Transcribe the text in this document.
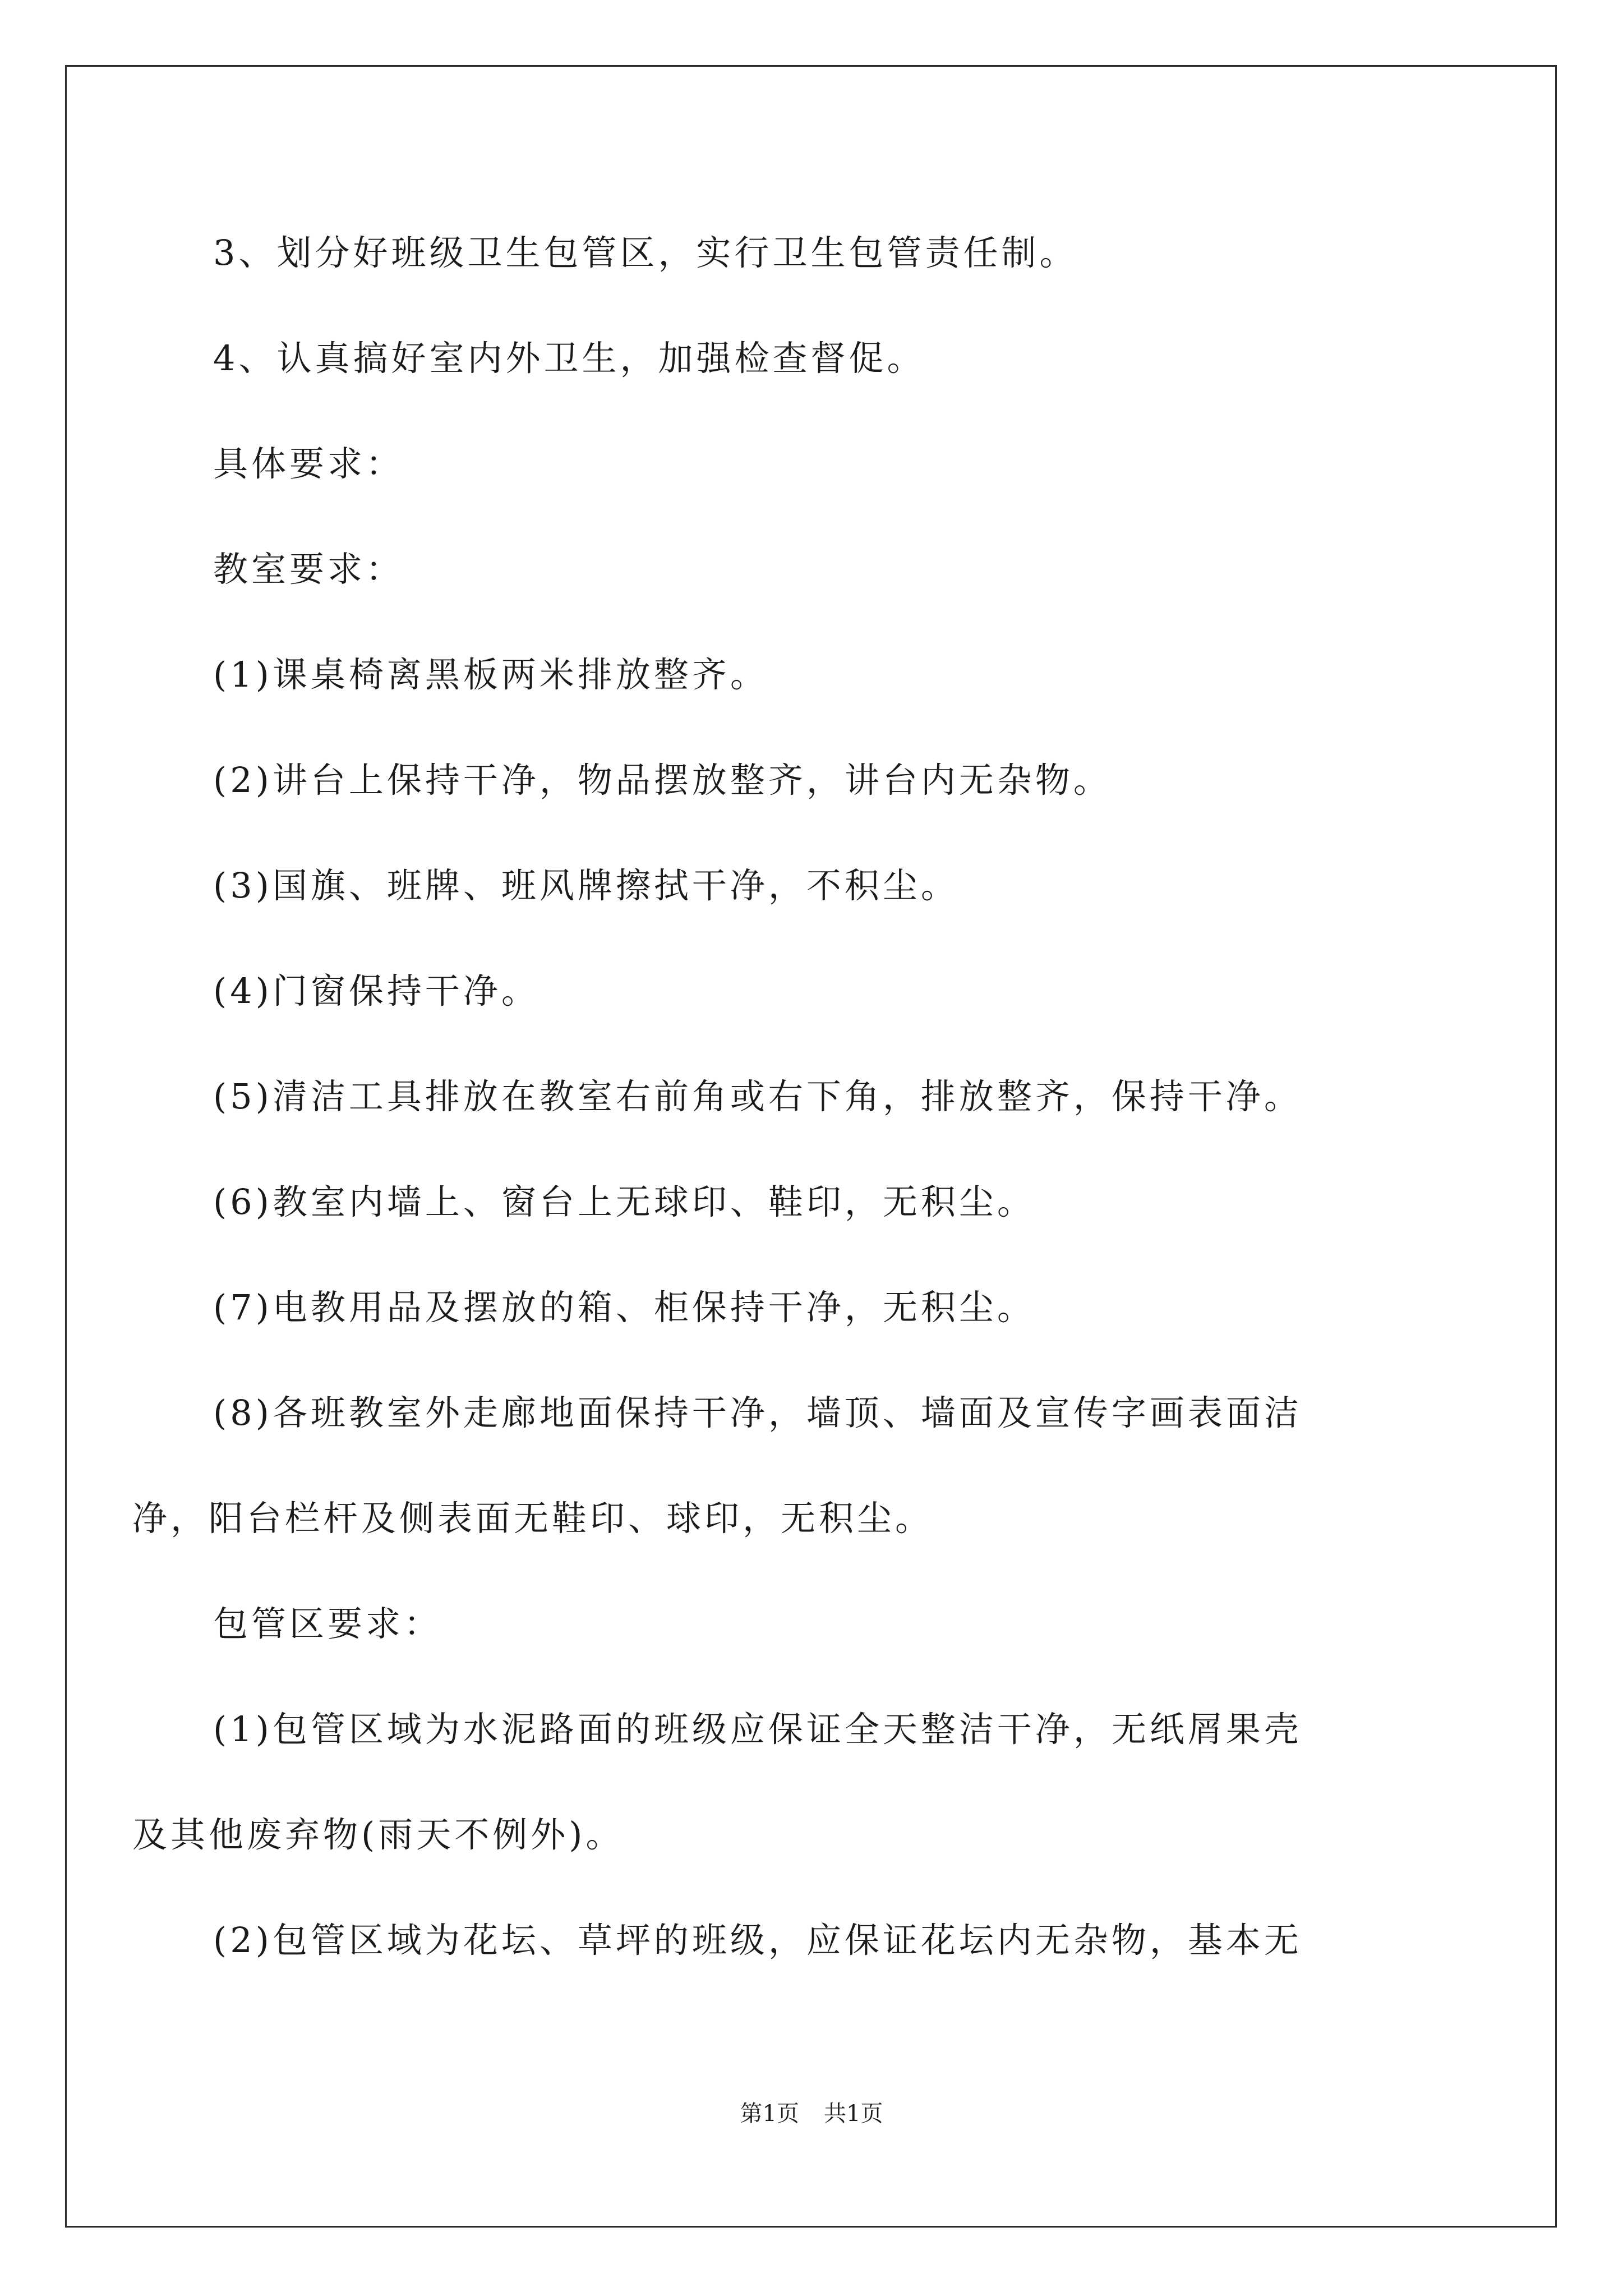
3、划分好班级卫生包管区，实行卫生包管责任制。
4、认真搞好室内外卫生，加强检查督促。
具体要求：
教室要求：
(1)课桌椅离黑板两米排放整齐。
(2)讲台上保持干净，物品摆放整齐，讲台内无杂物。
(3)国旗、班牌、班风牌擦拭干净，不积尘。
(4)门窗保持干净。
(5)清洁工具排放在教室右前角或右下角，排放整齐，保持干净。
(6)教室内墙上、窗台上无球印、鞋印，无积尘。
(7)电教用品及摆放的箱、柜保持干净，无积尘。
(8)各班教室外走廊地面保持干净，墙顶、墙面及宣传字画表面洁
净，阳台栏杆及侧表面无鞋印、球印，无积尘。
包管区要求：
(1)包管区域为水泥路面的班级应保证全天整洁干净，无纸屑果壳
及其他废弃物(雨天不例外)。
(2)包管区域为花坛、草坪的班级，应保证花坛内无杂物，基本无
第1页 共1页
